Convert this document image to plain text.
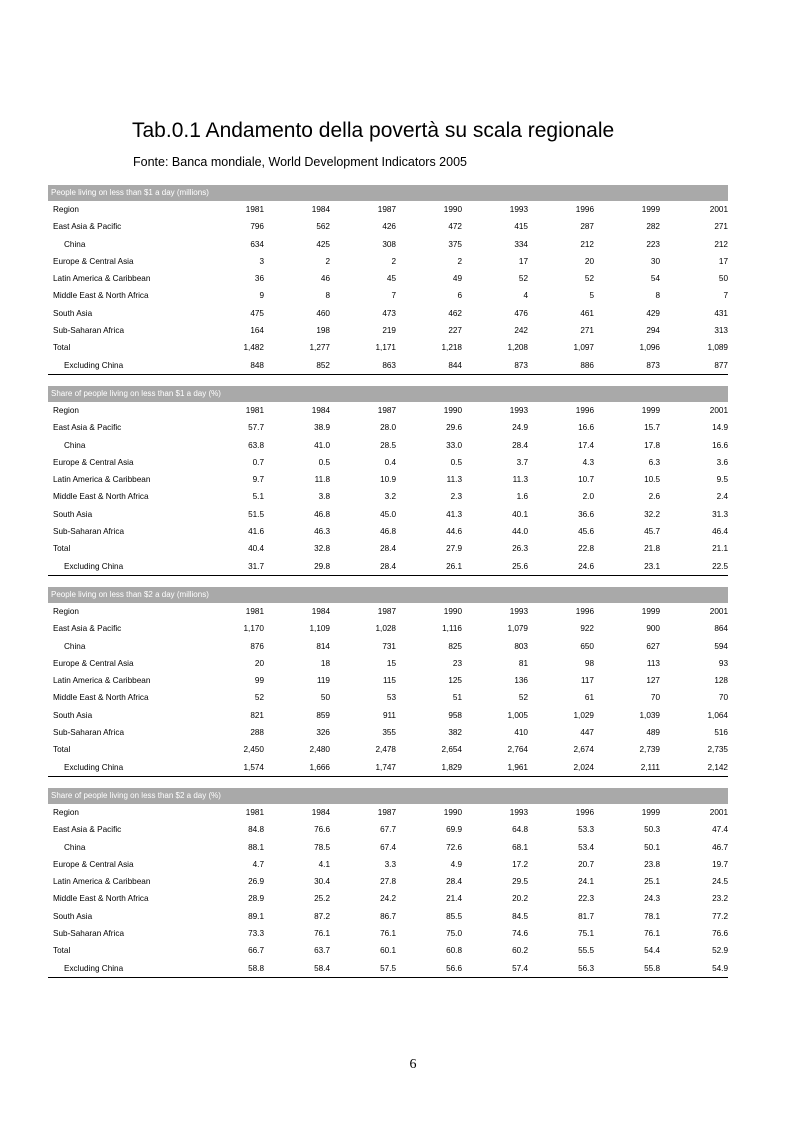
Tab.0.1 Andamento della povertà su scala regionale
Fonte: Banca mondiale, World Development Indicators 2005
People living on less than $1 a day (millions)
Region	1981	1984	1987	1990	1993	1996	1999	2001
East Asia & Pacific	796	562	426	472	415	287	282	271
China	634	425	308	375	334	212	223	212
Europe & Central Asia	3	2	2	2	17	20	30	17
Latin America & Caribbean	36	46	45	49	52	52	54	50
Middle East & North Africa	9	8	7	6	4	5	8	7
South Asia	475	460	473	462	476	461	429	431
Sub-Saharan Africa	164	198	219	227	242	271	294	313
Total	1,482	1,277	1,171	1,218	1,208	1,097	1,096	1,089
Excluding China	848	852	863	844	873	886	873	877
Share of people living on less than $1 a day (%)
Region	1981	1984	1987	1990	1993	1996	1999	2001
East Asia & Pacific	57.7	38.9	28.0	29.6	24.9	16.6	15.7	14.9
China	63.8	41.0	28.5	33.0	28.4	17.4	17.8	16.6
Europe & Central Asia	0.7	0.5	0.4	0.5	3.7	4.3	6.3	3.6
Latin America & Caribbean	9.7	11.8	10.9	11.3	11.3	10.7	10.5	9.5
Middle East & North Africa	5.1	3.8	3.2	2.3	1.6	2.0	2.6	2.4
South Asia	51.5	46.8	45.0	41.3	40.1	36.6	32.2	31.3
Sub-Saharan Africa	41.6	46.3	46.8	44.6	44.0	45.6	45.7	46.4
Total	40.4	32.8	28.4	27.9	26.3	22.8	21.8	21.1
Excluding China	31.7	29.8	28.4	26.1	25.6	24.6	23.1	22.5
People living on less than $2 a day (millions)
Region	1981	1984	1987	1990	1993	1996	1999	2001
East Asia & Pacific	1,170	1,109	1,028	1,116	1,079	922	900	864
China	876	814	731	825	803	650	627	594
Europe & Central Asia	20	18	15	23	81	98	113	93
Latin America & Caribbean	99	119	115	125	136	117	127	128
Middle East & North Africa	52	50	53	51	52	61	70	70
South Asia	821	859	911	958	1,005	1,029	1,039	1,064
Sub-Saharan Africa	288	326	355	382	410	447	489	516
Total	2,450	2,480	2,478	2,654	2,764	2,674	2,739	2,735
Excluding China	1,574	1,666	1,747	1,829	1,961	2,024	2,111	2,142
Share of people living on less than $2 a day (%)
Region	1981	1984	1987	1990	1993	1996	1999	2001
East Asia & Pacific	84.8	76.6	67.7	69.9	64.8	53.3	50.3	47.4
China	88.1	78.5	67.4	72.6	68.1	53.4	50.1	46.7
Europe & Central Asia	4.7	4.1	3.3	4.9	17.2	20.7	23.8	19.7
Latin America & Caribbean	26.9	30.4	27.8	28.4	29.5	24.1	25.1	24.5
Middle East & North Africa	28.9	25.2	24.2	21.4	20.2	22.3	24.3	23.2
South Asia	89.1	87.2	86.7	85.5	84.5	81.7	78.1	77.2
Sub-Saharan Africa	73.3	76.1	76.1	75.0	74.6	75.1	76.1	76.6
Total	66.7	63.7	60.1	60.8	60.2	55.5	54.4	52.9
Excluding China	58.8	58.4	57.5	56.6	57.4	56.3	55.8	54.9
6
